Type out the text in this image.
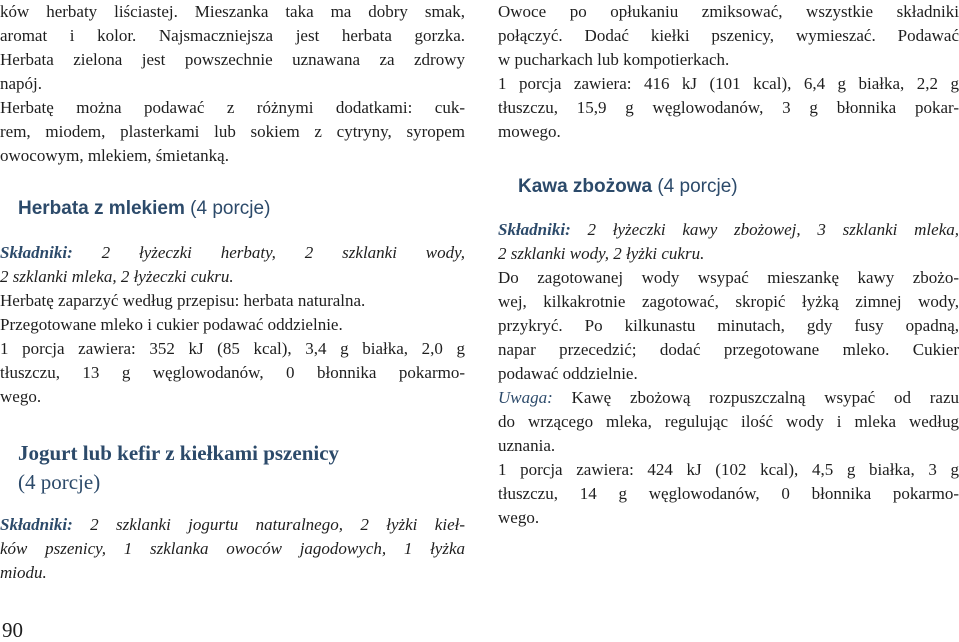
ków herbaty liściastej. Mieszanka taka ma dobry smak,
aromat i kolor. Najsmaczniejsza jest herbata gorzka.
Herbata zielona jest powszechnie uznawana za zdrowy
napój.
Herbatę można podawać z różnymi dodatkami: cuk-
rem, miodem, plasterkami lub sokiem z cytryny, syropem
owocowym, mlekiem, śmietanką.
Herbata z mlekiem (4 porcje)
Składniki: 2 łyżeczki herbaty, 2 szklanki wody,
2 szklanki mleka, 2 łyżeczki cukru.
Herbatę zaparzyć według przepisu: herbata naturalna.
Przegotowane mleko i cukier podawać oddzielnie.
1 porcja zawiera: 352 kJ (85 kcal), 3,4 g białka, 2,0 g
tłuszczu, 13 g węglowodanów, 0 błonnika pokarmo-
wego.
Jogurt lub kefir z kiełkami pszenicy
(4 porcje)
Składniki: 2 szklanki jogurtu naturalnego, 2 łyżki kieł-
ków pszenicy, 1 szklanka owoców jagodowych, 1 łyżka
miodu.
90
Owoce po opłukaniu zmiksować, wszystkie składniki
połączyć. Dodać kiełki pszenicy, wymieszać. Podawać
w pucharkach lub kompotierkach.
1 porcja zawiera: 416 kJ (101 kcal), 6,4 g białka, 2,2 g
tłuszczu, 15,9 g węglowodanów, 3 g błonnika pokar-
mowego.
Kawa zbożowa (4 porcje)
Składniki: 2 łyżeczki kawy zbożowej, 3 szklanki mleka,
2 szklanki wody, 2 łyżki cukru.
Do zagotowanej wody wsypać mieszankę kawy zbożo-
wej, kilkakrotnie zagotować, skropić łyżką zimnej wody,
przykryć. Po kilkunastu minutach, gdy fusy opadną,
napar przecedzić; dodać przegotowane mleko. Cukier
podawać oddzielnie.
Uwaga: Kawę zbożową rozpuszczalną wsypać od razu
do wrzącego mleka, regulując ilość wody i mleka według
uznania.
1 porcja zawiera: 424 kJ (102 kcal), 4,5 g białka, 3 g
tłuszczu, 14 g węglowodanów, 0 błonnika pokarmo-
wego.
